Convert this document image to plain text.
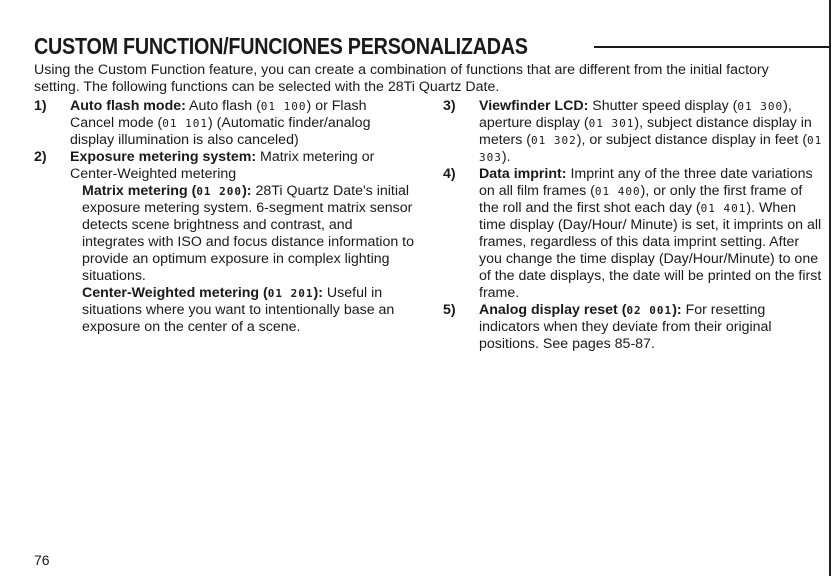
CUSTOM FUNCTION/FUNCIONES PERSONALIZADAS
Using the Custom Function feature, you can create a combination of functions that are different from the initial factory setting. The following functions can be selected with the 28Ti Quartz Date.
1)	Auto flash mode: Auto flash (01 100) or Flash Cancel mode (01 101) (Automatic finder/analog display illumination is also canceled)
2)	Exposure metering system: Matrix metering or Center-Weighted metering
Matrix metering (01 200): 28Ti Quartz Date's initial exposure metering system. 6-segment matrix sensor detects scene brightness and contrast, and integrates with ISO and focus distance information to provide an optimum exposure in complex lighting situations.
Center-Weighted metering (01 201): Useful in situations where you want to intentionally base an exposure on the center of a scene.
3)	Viewfinder LCD: Shutter speed display (01 300), aperture display (01 301), subject distance display in meters (01 302), or subject distance display in feet (01 303).
4)	Data imprint: Imprint any of the three date variations on all film frames (01 400), or only the first frame of the roll and the first shot each day (01 401). When time display (Day/Hour/ Minute) is set, it imprints on all frames, regardless of this data imprint setting. After you change the time display (Day/Hour/Minute) to one of the date displays, the date will be printed on the first frame.
5)	Analog display reset (02 001): For resetting indicators when they deviate from their original positions. See pages 85-87.
76
